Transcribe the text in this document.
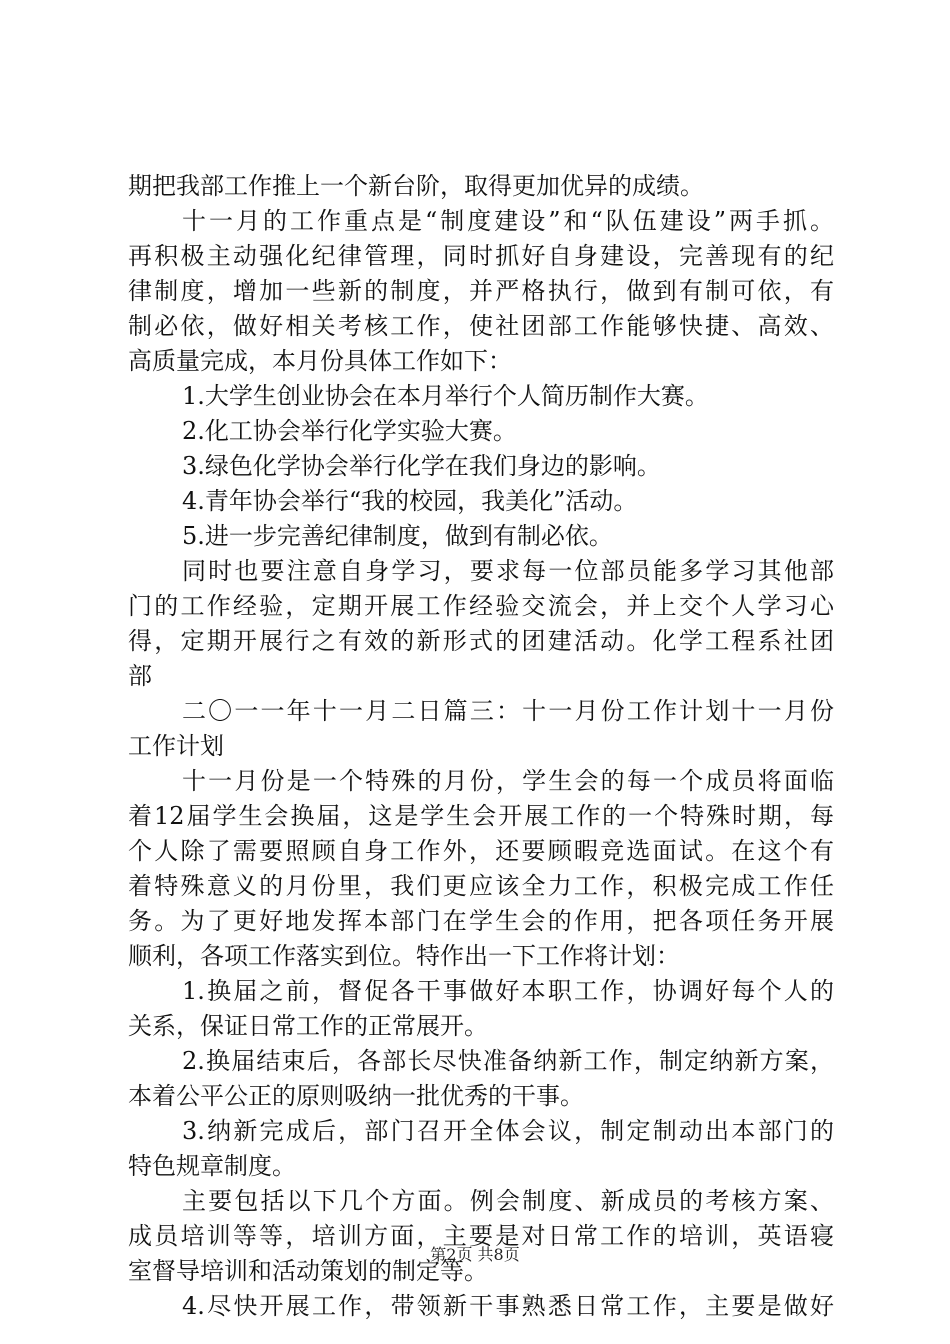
期把我部工作推上一个新台阶，取得更加优异的成绩。
十一月的工作重点是“制度建设”和“队伍建设”两手抓。
再积极主动强化纪律管理，同时抓好自身建设，完善现有的纪
律制度，增加一些新的制度，并严格执行，做到有制可依，有
制必依，做好相关考核工作，使社团部工作能够快捷、高效、
高质量完成，本月份具体工作如下：
1.大学生创业协会在本月举行个人简历制作大赛。
2.化工协会举行化学实验大赛。
3.绿色化学协会举行化学在我们身边的影响。
4.青年协会举行“我的校园，我美化”活动。
5.进一步完善纪律制度，做到有制必依。
同时也要注意自身学习，要求每一位部员能多学习其他部
门的工作经验，定期开展工作经验交流会，并上交个人学习心
得，定期开展行之有效的新形式的团建活动。化学工程系社团
部
二〇一一年十一月二日篇三：十一月份工作计划十一月份
工作计划
十一月份是一个特殊的月份，学生会的每一个成员将面临
着12届学生会换届，这是学生会开展工作的一个特殊时期，每
个人除了需要照顾自身工作外，还要顾暇竞选面试。在这个有
着特殊意义的月份里，我们更应该全力工作，积极完成工作任
务。为了更好地发挥本部门在学生会的作用，把各项任务开展
顺利，各项工作落实到位。特作出一下工作将计划：
1.换届之前，督促各干事做好本职工作，协调好每个人的
关系，保证日常工作的正常展开。
2.换届结束后，各部长尽快准备纳新工作，制定纳新方案，
本着公平公正的原则吸纳一批优秀的干事。
3.纳新完成后，部门召开全体会议，制定制动出本部门的
特色规章制度。
主要包括以下几个方面。例会制度、新成员的考核方案、
成员培训等等，培训方面，主要是对日常工作的培训，英语寝
室督导培训和活动策划的制定等。
4.尽快开展工作，带领新干事熟悉日常工作，主要是做好
第2页 共8页
